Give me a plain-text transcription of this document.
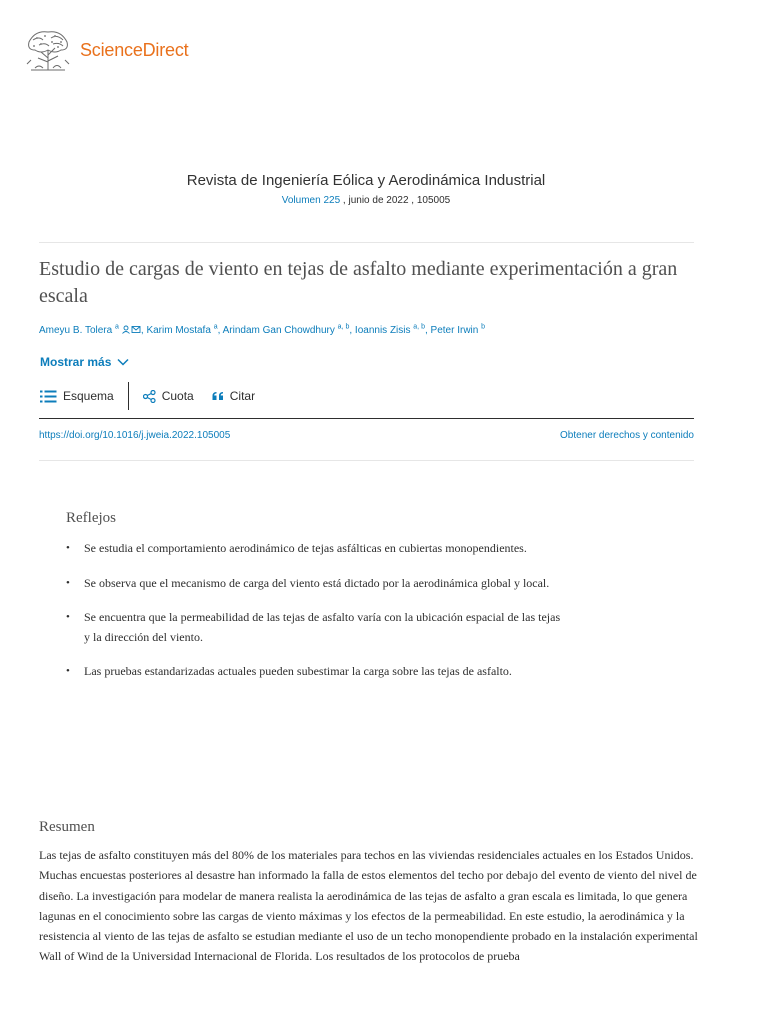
ScienceDirect
Revista de Ingeniería Eólica y Aerodinámica Industrial
Volumen 225 , junio de 2022 , 105005
Estudio de cargas de viento en tejas de asfalto mediante experimentación a gran escala
Ameyu B. Tolera $^a$ , Karim Mostafa $^a$, Arindam Gan Chowdhury $^{a, b}$, Ioannis Zisis $^{a, b}$, Peter Irwin $^b$
Mostrar más
Esquema	Cuota	Citar
https://doi.org/10.1016/j.jweia.2022.105005	Obtener derechos y contenido
Reflejos
• Se estudia el comportamiento aerodinámico de tejas asfálticas en cubiertas monopendientes.
• Se observa que el mecanismo de carga del viento está dictado por la aerodinámica global y local.
• Se encuentra que la permeabilidad de las tejas de asfalto varía con la ubicación espacial de las tejas y la dirección del viento.
• Las pruebas estandarizadas actuales pueden subestimar la carga sobre las tejas de asfalto.
Resumen

Las tejas de asfalto constituyen más del 80% de los materiales para techos en las viviendas residenciales actuales en los Estados Unidos. Muchas encuestas posteriores al desastre han informado la falla de estos elementos del techo por debajo del evento de viento del nivel de diseño. La investigación para modelar de manera realista la aerodinámica de las tejas de asfalto a gran escala es limitada, lo que genera lagunas en el conocimiento sobre las cargas de viento máximas y los efectos de la permeabilidad. En este estudio, la aerodinámica y la resistencia al viento de las tejas de asfalto se estudian mediante el uso de un techo monopendiente probado en la instalación experimental Wall of Wind de la Universidad Internacional de Florida. Los resultados de los protocolos de prueba
